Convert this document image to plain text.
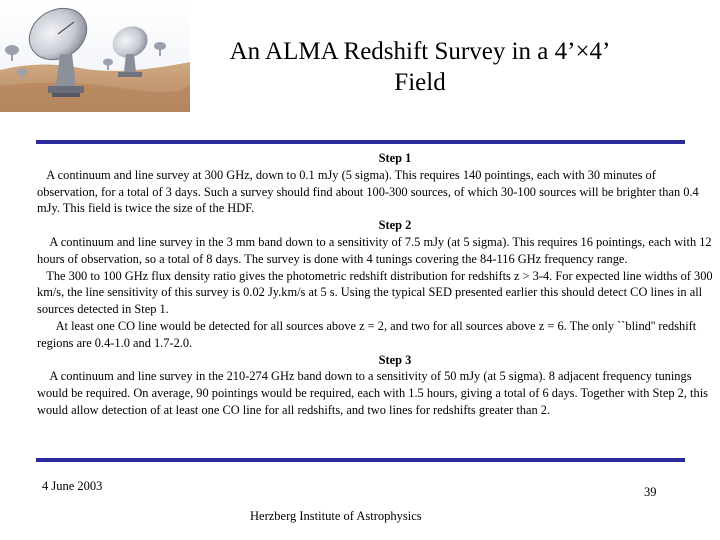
An ALMA Redshift Survey in a 4’×4’
Field

Step 1

A continuum and line survey at 300 GHz, down to 0.1 mJy (5 sigma). This requires 140 pointings, each with 30 minutes of observation, for a total of 3 days. Such a survey should find about 100-300 sources, of which 30-100 sources will be brighter than 0.4 mJy. This field is twice the size of the HDF.

Step 2

A continuum and line survey in the 3 mm band down to a sensitivity of 7.5 mJy (at 5 sigma). This requires 16 pointings, each with 12 hours of observation, so a total of 8 days. The survey is done with 4 tunings covering the 84-116 GHz frequency range.

The 300 to 100 GHz flux density ratio gives the photometric redshift distribution for redshifts z > 3-4. For expected line widths of 300 km/s, the line sensitivity of this survey is 0.02 Jy.km/s at 5 s. Using the typical SED presented earlier this should detect CO lines in all sources detected in Step 1.

At least one CO line would be detected for all sources above z = 2, and two for all sources above z = 6. The only ``blind'' redshift regions are 0.4-1.0 and 1.7-2.0.

Step 3

A continuum and line survey in the 210-274 GHz band down to a sensitivity of 50 mJy (at 5 sigma). 8 adjacent frequency tunings would be required. On average, 90 pointings would be required, each with 1.5 hours, giving a total of 6 days. Together with Step 2, this would allow detection of at least one CO line for all redshifts, and two lines for redshifts greater than 2.

4 June 2003	39
Herzberg Institute of Astrophysics
